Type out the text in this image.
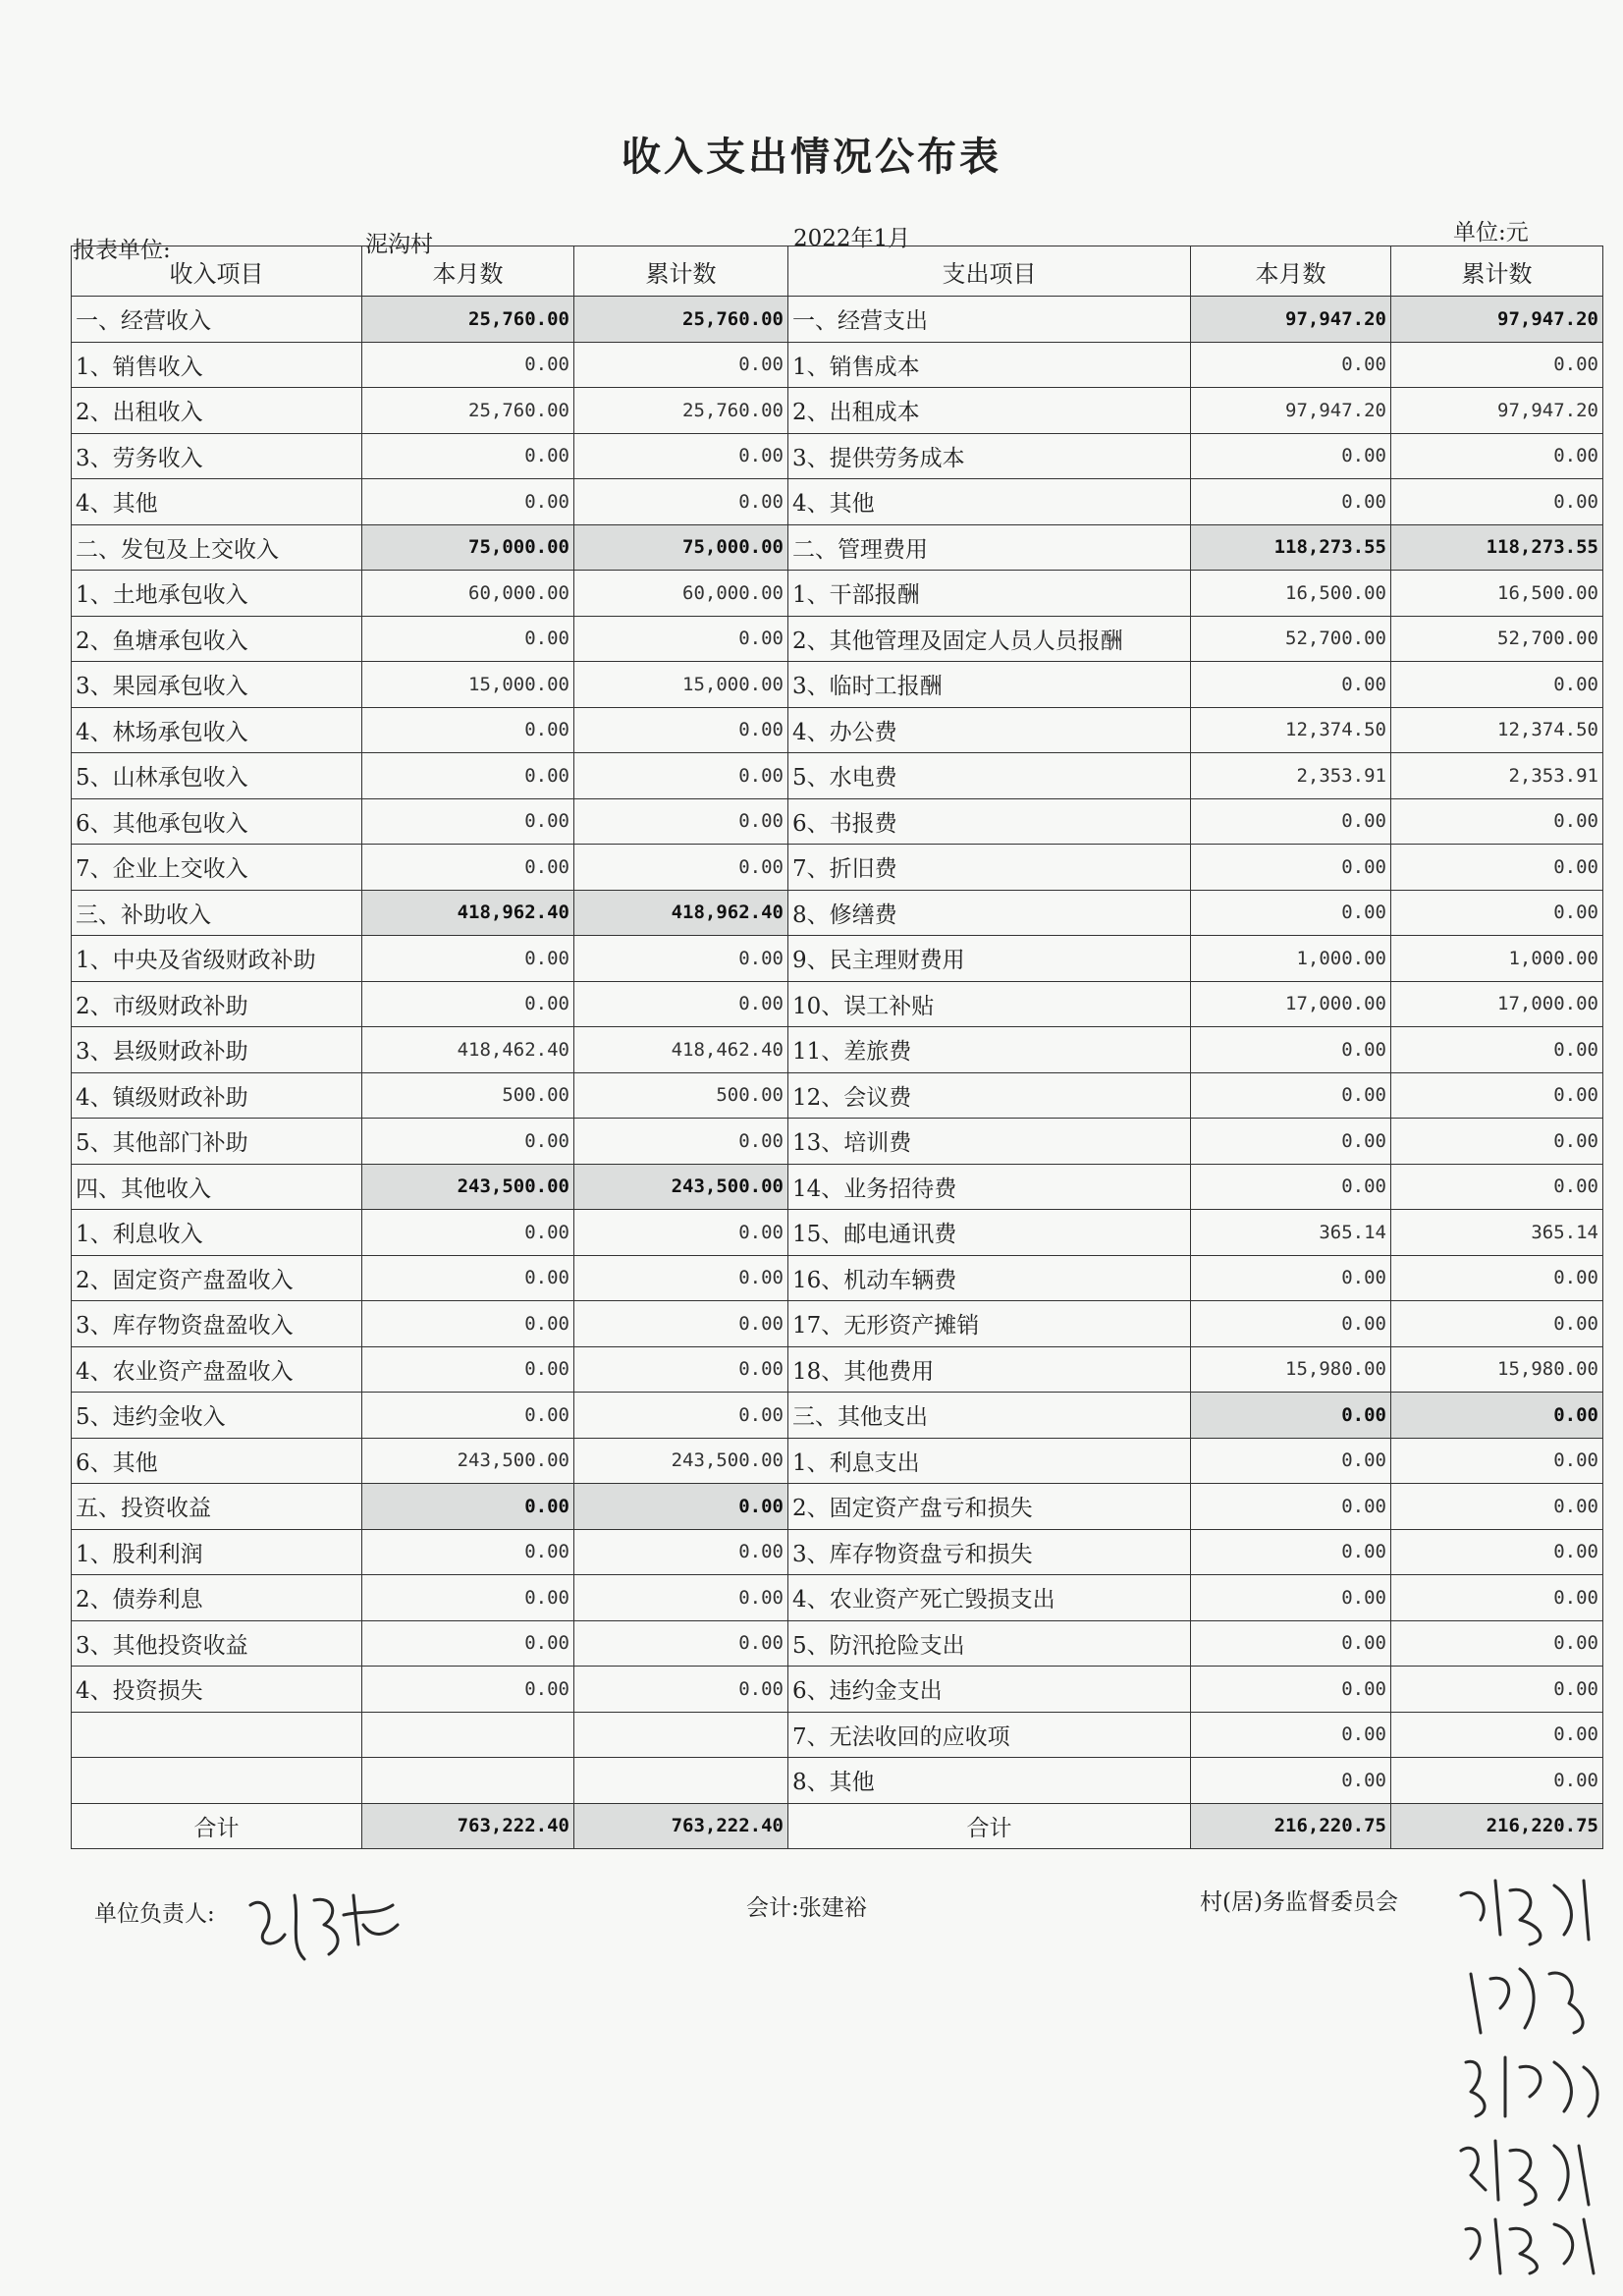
收入支出情况公布表
报表单位:	泥沟村	2022年1月	单位:元
收入项目	本月数	累计数	支出项目	本月数	累计数
一、经营收入	25,760.00	25,760.00	一、经营支出	97,947.20	97,947.20
1、销售收入	0.00	0.00	1、销售成本	0.00	0.00
2、出租收入	25,760.00	25,760.00	2、出租成本	97,947.20	97,947.20
3、劳务收入	0.00	0.00	3、提供劳务成本	0.00	0.00
4、其他	0.00	0.00	4、其他	0.00	0.00
二、发包及上交收入	75,000.00	75,000.00	二、管理费用	118,273.55	118,273.55
1、土地承包收入	60,000.00	60,000.00	1、干部报酬	16,500.00	16,500.00
2、鱼塘承包收入	0.00	0.00	2、其他管理及固定人员人员报酬	52,700.00	52,700.00
3、果园承包收入	15,000.00	15,000.00	3、临时工报酬	0.00	0.00
4、林场承包收入	0.00	0.00	4、办公费	12,374.50	12,374.50
5、山林承包收入	0.00	0.00	5、水电费	2,353.91	2,353.91
6、其他承包收入	0.00	0.00	6、书报费	0.00	0.00
7、企业上交收入	0.00	0.00	7、折旧费	0.00	0.00
三、补助收入	418,962.40	418,962.40	8、修缮费	0.00	0.00
1、中央及省级财政补助	0.00	0.00	9、民主理财费用	1,000.00	1,000.00
2、市级财政补助	0.00	0.00	10、误工补贴	17,000.00	17,000.00
3、县级财政补助	418,462.40	418,462.40	11、差旅费	0.00	0.00
4、镇级财政补助	500.00	500.00	12、会议费	0.00	0.00
5、其他部门补助	0.00	0.00	13、培训费	0.00	0.00
四、其他收入	243,500.00	243,500.00	14、业务招待费	0.00	0.00
1、利息收入	0.00	0.00	15、邮电通讯费	365.14	365.14
2、固定资产盘盈收入	0.00	0.00	16、机动车辆费	0.00	0.00
3、库存物资盘盈收入	0.00	0.00	17、无形资产摊销	0.00	0.00
4、农业资产盘盈收入	0.00	0.00	18、其他费用	15,980.00	15,980.00
5、违约金收入	0.00	0.00	三、其他支出	0.00	0.00
6、其他	243,500.00	243,500.00	1、利息支出	0.00	0.00
五、投资收益	0.00	0.00	2、固定资产盘亏和损失	0.00	0.00
1、股利利润	0.00	0.00	3、库存物资盘亏和损失	0.00	0.00
2、债券利息	0.00	0.00	4、农业资产死亡毁损支出	0.00	0.00
3、其他投资收益	0.00	0.00	5、防汛抢险支出	0.00	0.00
4、投资损失	0.00	0.00	6、违约金支出	0.00	0.00
			7、无法收回的应收项	0.00	0.00
			8、其他	0.00	0.00
合计	763,222.40	763,222.40	合计	216,220.75	216,220.75
单位负责人:	会计:张建裕	村(居)务监督委员会
